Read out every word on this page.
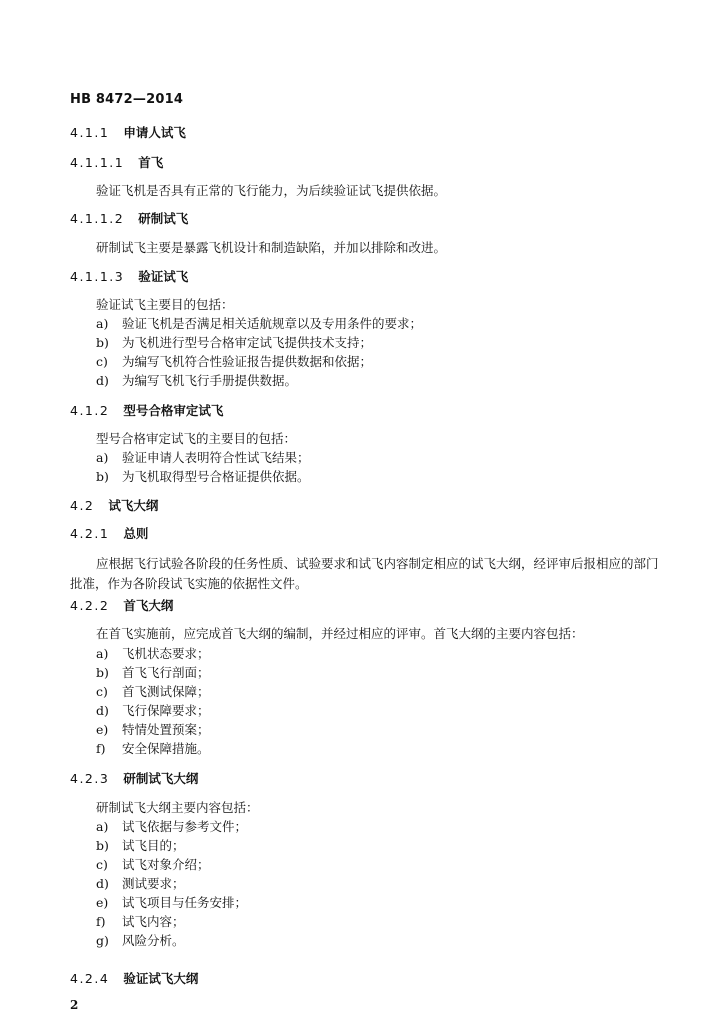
HB 8472—2014
4.1.1 申请人试飞
4.1.1.1 首飞
验证飞机是否具有正常的飞行能力，为后续验证试飞提供依据。
4.1.1.2 研制试飞
研制试飞主要是暴露飞机设计和制造缺陷，并加以排除和改进。
4.1.1.3 验证试飞
验证试飞主要目的包括：
a) 验证飞机是否满足相关适航规章以及专用条件的要求；
b) 为飞机进行型号合格审定试飞提供技术支持；
c) 为编写飞机符合性验证报告提供数据和依据；
d) 为编写飞机飞行手册提供数据。
4.1.2 型号合格审定试飞
型号合格审定试飞的主要目的包括：
a) 验证申请人表明符合性试飞结果；
b) 为飞机取得型号合格证提供依据。
4.2 试飞大纲
4.2.1 总则
应根据飞行试验各阶段的任务性质、试验要求和试飞内容制定相应的试飞大纲，经评审后报相应的部门批准，作为各阶段试飞实施的依据性文件。
4.2.2 首飞大纲
在首飞实施前，应完成首飞大纲的编制，并经过相应的评审。首飞大纲的主要内容包括：
a) 飞机状态要求；
b) 首飞飞行剖面；
c) 首飞测试保障；
d) 飞行保障要求；
e) 特情处置预案；
f) 安全保障措施。
4.2.3 研制试飞大纲
研制试飞大纲主要内容包括：
a) 试飞依据与参考文件；
b) 试飞目的；
c) 试飞对象介绍；
d) 测试要求；
e) 试飞项目与任务安排；
f) 试飞内容；
g) 风险分析。
4.2.4 验证试飞大纲
2
